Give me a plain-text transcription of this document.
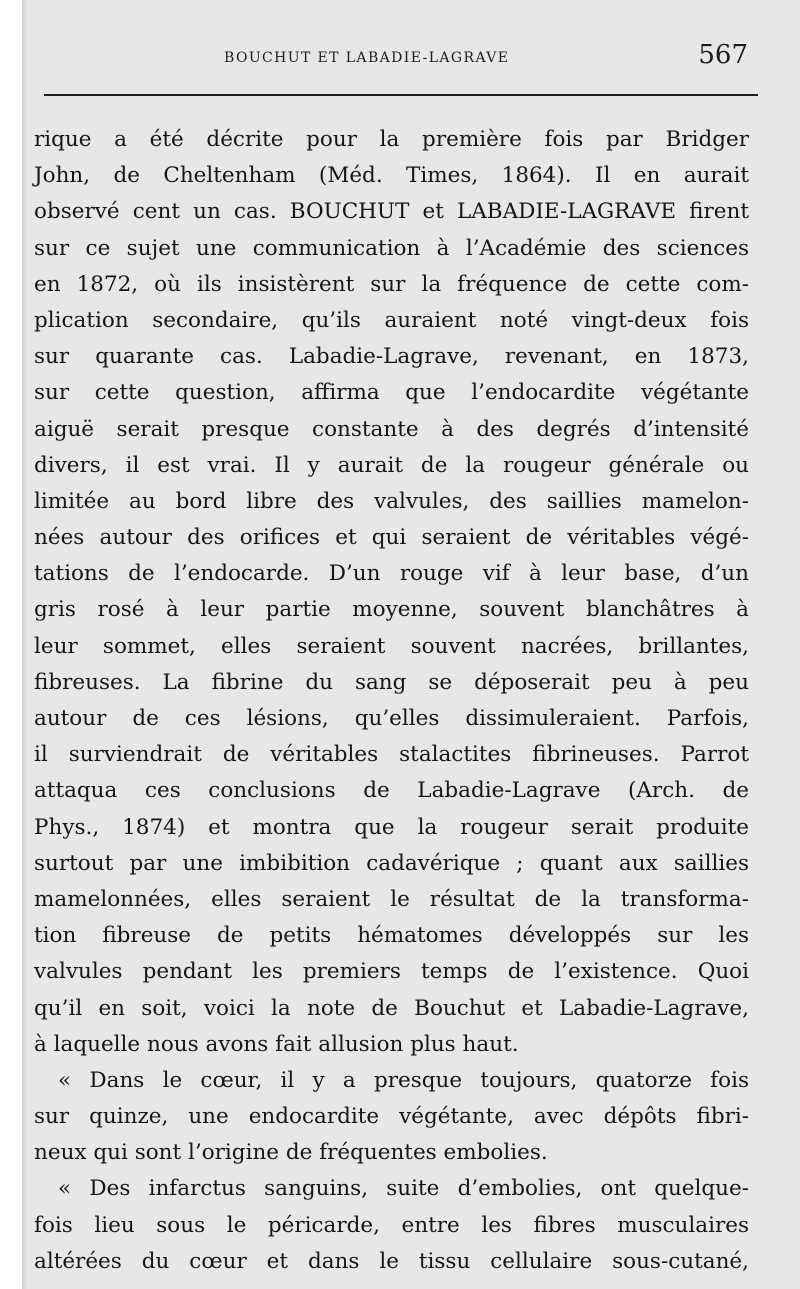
BOUCHUT ET LABADIE-LAGRAVE	567
rique a été décrite pour la première fois par Bridger
John, de Cheltenham (Méd. Times, 1864). Il en aurait
observé cent un cas. BOUCHUT et LABADIE-LAGRAVE firent
sur ce sujet une communication à l’Académie des sciences
en 1872, où ils insistèrent sur la fréquence de cette com-
plication secondaire, qu’ils auraient noté vingt-deux fois
sur quarante cas. Labadie-Lagrave, revenant, en 1873,
sur cette question, affirma que l’endocardite végétante
aiguë serait presque constante à des degrés d’intensité
divers, il est vrai. Il y aurait de la rougeur générale ou
limitée au bord libre des valvules, des saillies mamelon-
nées autour des orifices et qui seraient de véritables végé-
tations de l’endocarde. D’un rouge vif à leur base, d’un
gris rosé à leur partie moyenne, souvent blanchâtres à
leur sommet, elles seraient souvent nacrées, brillantes,
fibreuses. La fibrine du sang se déposerait peu à peu
autour de ces lésions, qu’elles dissimuleraient. Parfois,
il surviendrait de véritables stalactites fibrineuses. Parrot
attaqua ces conclusions de Labadie-Lagrave (Arch. de
Phys., 1874) et montra que la rougeur serait produite
surtout par une imbibition cadavérique ; quant aux saillies
mamelonnées, elles seraient le résultat de la transforma-
tion fibreuse de petits hématomes développés sur les
valvules pendant les premiers temps de l’existence. Quoi
qu’il en soit, voici la note de Bouchut et Labadie-Lagrave,
à laquelle nous avons fait allusion plus haut.
« Dans le cœur, il y a presque toujours, quatorze fois
sur quinze, une endocardite végétante, avec dépôts fibri-
neux qui sont l’origine de fréquentes embolies.
« Des infarctus sanguins, suite d’embolies, ont quelque-
fois lieu sous le péricarde, entre les fibres musculaires
altérées du cœur et dans le tissu cellulaire sous-cutané,
